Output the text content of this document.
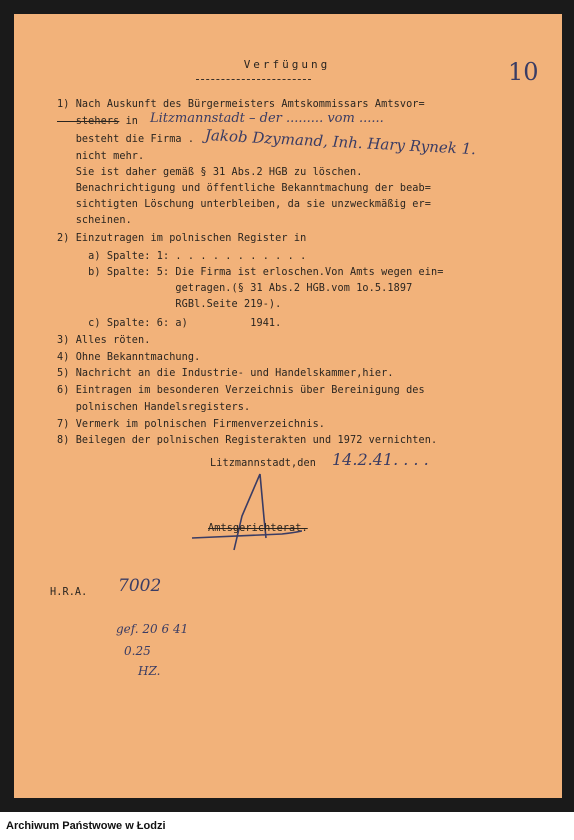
10
Verfügung
1) Nach Auskunft des Bürgermeisters Amtskommissars Amtsvor=
stehers in Litzmannstadt – der ......... vom ......
besteht die Firma . Jakob Dzymand, Inh. Hary Rynek 1.
nicht mehr.
Sie ist daher gemäß § 31 Abs.2 HGB zu löschen.
Benachrichtigung und öffentliche Bekanntmachung der beab=
sichtigten Löschung unterbleiben, da sie unzweckmäßig er=
scheinen.
2) Einzutragen im polnischen Register in
a) Spalte: 1: . . . . . . . . . . .
b) Spalte: 5: Die Firma ist erloschen.Von Amts wegen ein=
getragen.(§ 31 Abs.2 HGB.vom 1o.5.1897
RGBl.Seite 219-).
c) Spalte: 6: a)          1941.
3) Alles röten.
4) Ohne Bekanntmachung.
5) Nachricht an die Industrie- und Handelskammer,hier.
6) Eintragen im besonderen Verzeichnis über Bereinigung des
polnischen Handelsregisters.
7) Vermerk im polnischen Firmenverzeichnis.
8) Beilegen der polnischen Registerakten und 1972 vernichten.
Litzmannstadt,den 14.2.41. . . .
Amtsgerichterat.
H.R.A. 7002
gef. 20 6 41
0.25
HZ.
Archiwum Państwowe w Łodzi
